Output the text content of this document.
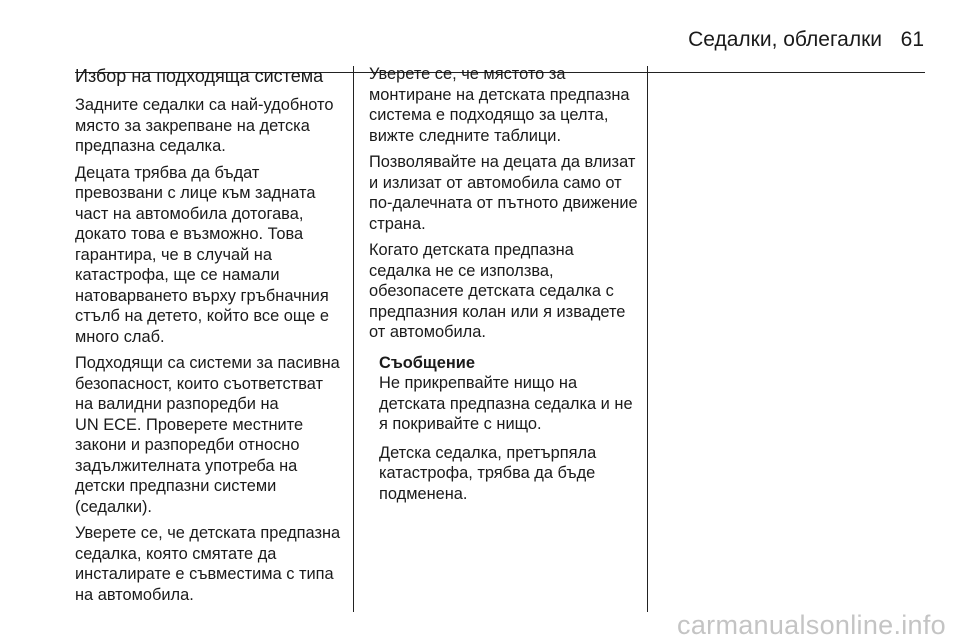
Седалки, облегалки 61
Избор на подходяща система

Задните седалки са най-удобното
място за закрепване на детска
предпазна седалка.

Децата трябва да бъдат
превозвани с лице към задната
част на автомобила дотогава,
докато това е възможно. Това
гарантира, че в случай на
катастрофа, ще се намали
натоварването върху гръбначния
стълб на детето, който все още е
много слаб.

Подходящи са системи за пасивна
безопасност, които съответстват
на валидни разпоредби на
UN ECE. Проверете местните
закони и разпоредби относно
задължителната употреба на
детски предпазни системи
(седалки).

Уверете се, че детската предпазна
седалка, която смятате да
инсталирате е съвместима с типа
на автомобила.

Уверете се, че мястото за
монтиране на детската предпазна
система е подходящо за целта,
вижте следните таблици.

Позволявайте на децата да влизат
и излизат от автомобила само от
по-далечната от пътното движение
страна.

Когато детската предпазна
седалка не се използва,
обезопасете детската седалка с
предпазния колан или я извадете
от автомобила.

Съобщение

Не прикрепвайте нищо на
детската предпазна седалка и не
я покривайте с нищо.

Детска седалка, претърпяла
катастрофа, трябва да бъде
подменена.

carmanualsonline.info
